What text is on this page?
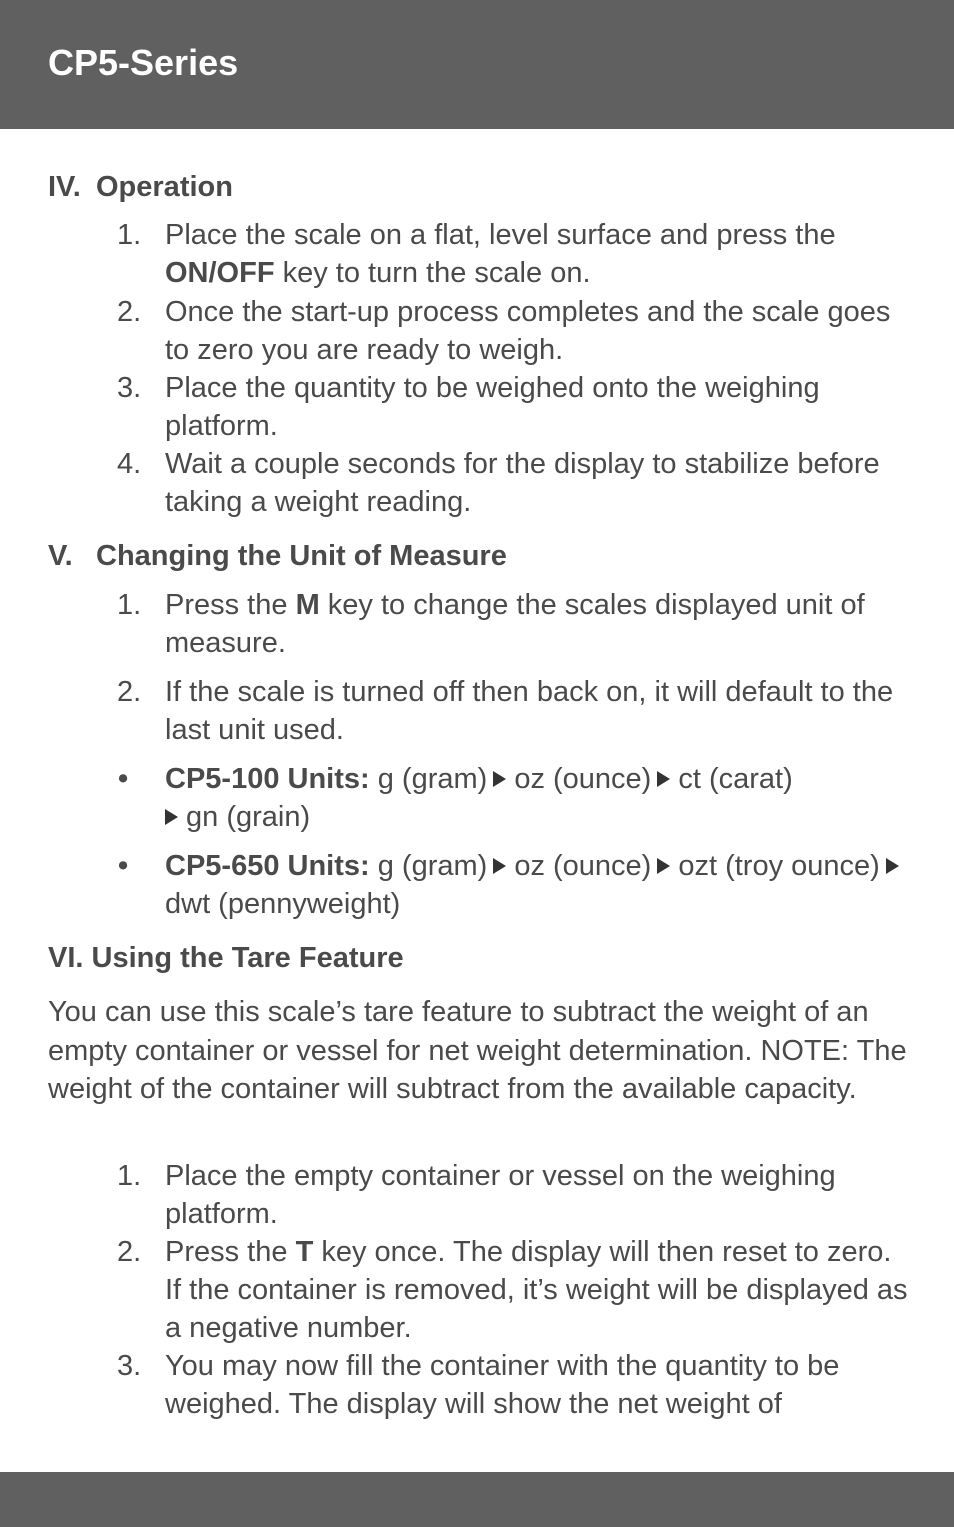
CP5-Series
IV. Operation
1. Place the scale on a flat, level surface and press the ON/OFF key to turn the scale on.
2. Once the start-up process completes and the scale goes to zero you are ready to weigh.
3. Place the quantity to be weighed onto the weighing platform.
4. Wait a couple seconds for the display to stabilize before taking a weight reading.
V. Changing the Unit of Measure
1. Press the M key to change the scales displayed unit of measure.
2. If the scale is turned off then back on, it will default to the last unit used.
• CP5-100 Units: g (gram) oz (ounce) ct (carat)
gn (grain)
• CP5-650 Units: g (gram) oz (ounce) ozt (troy ounce)dwt (pennyweight)
VI. Using the Tare Feature
You can use this scale’s tare feature to subtract the weight of an empty container or vessel for net weight determination. NOTE: The weight of the container will subtract from the available capacity.
1. Place the empty container or vessel on the weighing platform.
2. Press the T key once. The display will then reset to zero. If the container is removed, it’s weight will be displayed as a negative number.
3. You may now fill the container with the quantity to be weighed. The display will show the net weight of
